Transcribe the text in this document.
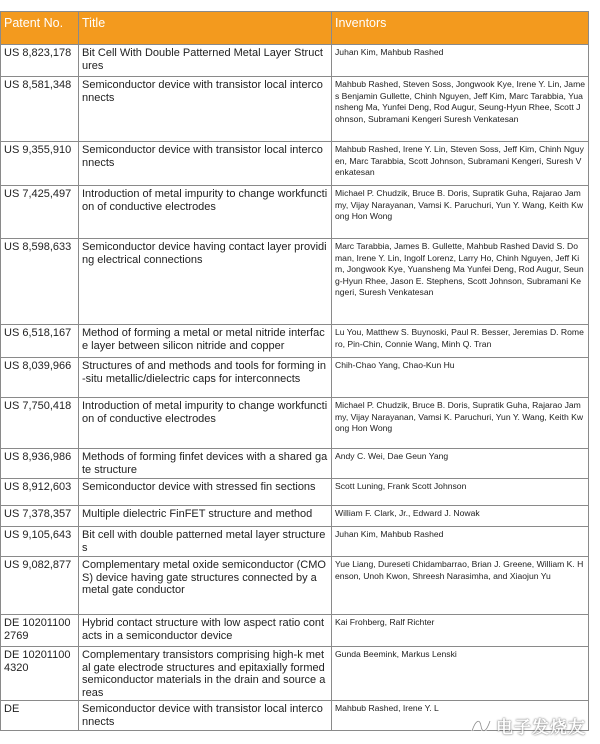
Patent No.	Title	Inventors

US 8,823,178	Bit Cell With Double Patterned Metal Layer Structures	Juhan Kim, Mahbub Rashed

US 8,581,348	Semiconductor device with transistor local interconnects	Mahbub Rashed, Steven Soss, Jongwook Kye, Irene Y. Lin, James Benjamin Gullette, Chinh Nguyen, Jeff Kim, Marc Tarabbia, Yuansheng Ma, Yunfei Deng, Rod Augur, Seung-Hyun Rhee, Scott Johnson, Subramani Kengeri Suresh Venkatesan

US 9,355,910	Semiconductor device with transistor local interconnects	Mahbub Rashed, Irene Y. Lin, Steven Soss, Jeff Kim, Chinh Nguyen, Marc Tarabbia, Scott Johnson, Subramani Kengeri, Suresh Venkatesan

US 7,425,497	Introduction of metal impurity to change workfunction of conductive electrodes	Michael P. Chudzik, Bruce B. Doris, Supratik Guha, Rajarao Jammy, Vijay Narayanan, Vamsi K. Paruchuri, Yun Y. Wang, Keith Kwong Hon Wong

US 8,598,633	Semiconductor device having contact layer providing electrical connections	Marc Tarabbia, James B. Gullette, Mahbub Rashed David S. Doman, Irene Y. Lin, Ingolf Lorenz, Larry Ho, Chinh Nguyen, Jeff Kim, Jongwook Kye, Yuansheng Ma Yunfei Deng, Rod Augur, Seung-Hyun Rhee, Jason E. Stephens, Scott Johnson, Subramani Kengeri, Suresh Venkatesan

US 6,518,167	Method of forming a metal or metal nitride interface layer between silicon nitride and copper	Lu You, Matthew S. Buynoski, Paul R. Besser, Jeremias D. Romero, Pin-Chin, Connie Wang, Minh Q. Tran

US 8,039,966	Structures of and methods and tools for forming in-situ metallic/dielectric caps for interconnects	Chih-Chao Yang, Chao-Kun Hu

US 7,750,418	Introduction of metal impurity to change workfunction of conductive electrodes	Michael P. Chudzik, Bruce B. Doris, Supratik Guha, Rajarao Jammy, Vijay Narayanan, Vamsi K. Paruchuri, Yun Y. Wang, Keith Kwong Hon Wong

US 8,936,986	Methods of forming finfet devices with a shared gate structure	Andy C. Wei, Dae Geun Yang

US 8,912,603	Semiconductor device with stressed fin sections	Scott Luning, Frank Scott Johnson

US 7,378,357	Multiple dielectric FinFET structure and method	William F. Clark, Jr., Edward J. Nowak

US 9,105,643	Bit cell with double patterned metal layer structures	Juhan Kim, Mahbub Rashed

US 9,082,877	Complementary metal oxide semiconductor (CMOS) device having gate structures connected by a metal gate conductor	Yue Liang, Dureseti Chidambarrao, Brian J. Greene, William K. Henson, Unoh Kwon, Shreesh Narasimha, and Xiaojun Yu

DE 102011002769	Hybrid contact structure with low aspect ratio contacts in a semiconductor device	Kai Frohberg, Ralf Richter

DE 102011004320	Complementary transistors comprising high-k metal gate electrode structures and epitaxially formed semiconductor materials in the drain and source areas	Gunda Beemink, Markus Lenski

DE	Semiconductor device with transistor local interconnects	Mahbub Rashed, Irene Y. L
电子发烧友
